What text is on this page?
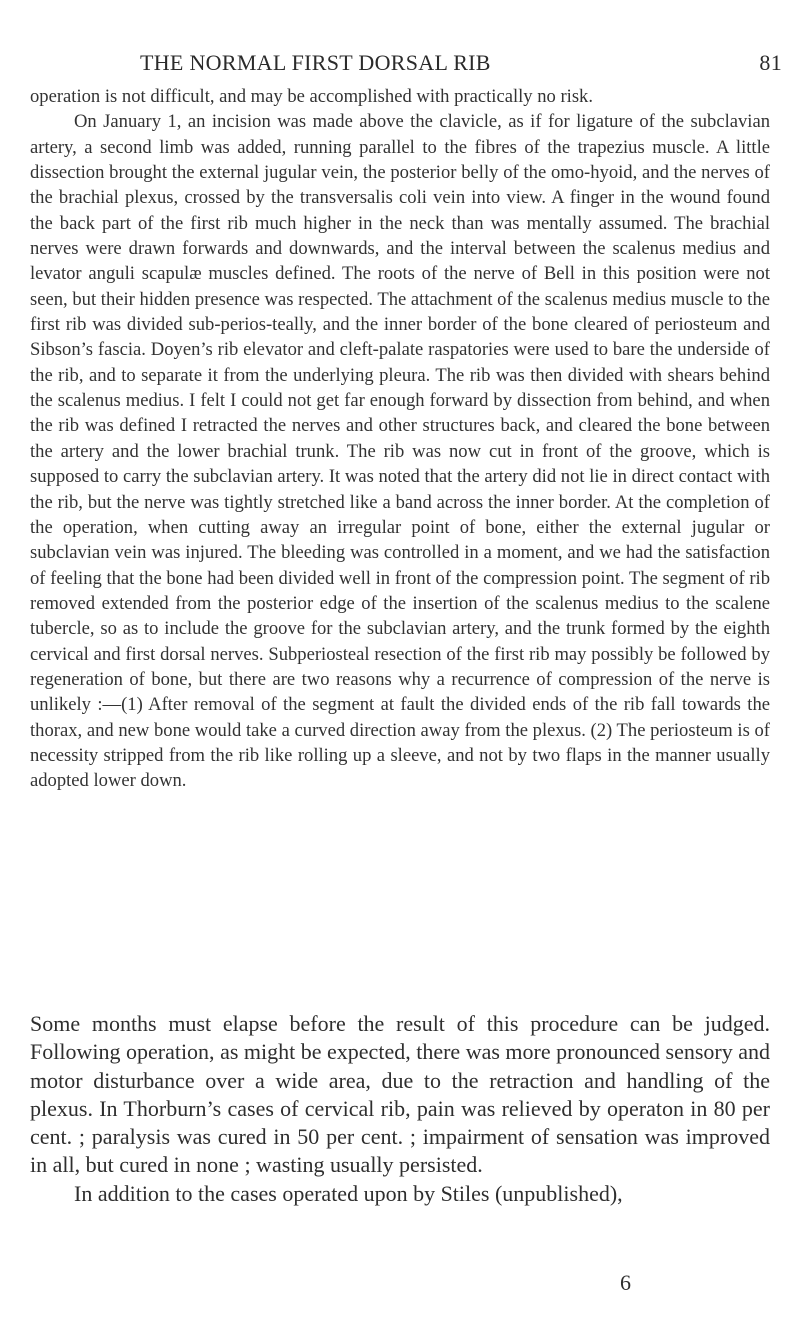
THE NORMAL FIRST DORSAL RIB	81

operation is not difficult, and may be accomplished with practically no risk.

On January 1, an incision was made above the clavicle, as if for ligature of the subclavian artery, a second limb was added, running parallel to the fibres of the trapezius muscle. A little dissection brought the external jugular vein, the posterior belly of the omo-hyoid, and the nerves of the brachial plexus, crossed by the transversalis coli vein into view. A finger in the wound found the back part of the first rib much higher in the neck than was mentally assumed. The brachial nerves were drawn forwards and downwards, and the interval between the scalenus medius and levator anguli scapulæ muscles defined. The roots of the nerve of Bell in this position were not seen, but their hidden presence was respected. The attachment of the scalenus medius muscle to the first rib was divided sub-perios-teally, and the inner border of the bone cleared of periosteum and Sibson’s fascia. Doyen’s rib elevator and cleft-palate raspatories were used to bare the underside of the rib, and to separate it from the underlying pleura. The rib was then divided with shears behind the scalenus medius. I felt I could not get far enough forward by dissection from behind, and when the rib was defined I retracted the nerves and other structures back, and cleared the bone between the artery and the lower brachial trunk. The rib was now cut in front of the groove, which is supposed to carry the subclavian artery. It was noted that the artery did not lie in direct contact with the rib, but the nerve was tightly stretched like a band across the inner border. At the completion of the operation, when cutting away an irregular point of bone, either the external jugular or subclavian vein was injured. The bleeding was controlled in a moment, and we had the satisfaction of feeling that the bone had been divided well in front of the compression point. The segment of rib removed extended from the posterior edge of the insertion of the scalenus medius to the scalene tubercle, so as to include the groove for the subclavian artery, and the trunk formed by the eighth cervical and first dorsal nerves. Subperiosteal resection of the first rib may possibly be followed by regeneration of bone, but there are two reasons why a recurrence of compression of the nerve is unlikely :—(1) After removal of the segment at fault the divided ends of the rib fall towards the thorax, and new bone would take a curved direction away from the plexus. (2) The periosteum is of necessity stripped from the rib like rolling up a sleeve, and not by two flaps in the manner usually adopted lower down.

Some months must elapse before the result of this procedure can be judged. Following operation, as might be expected, there was more pronounced sensory and motor disturbance over a wide area, due to the retraction and handling of the plexus. In Thorburn’s cases of cervical rib, pain was relieved by operaton in 80 per cent. ; paralysis was cured in 50 per cent. ; impairment of sensation was improved in all, but cured in none ; wasting usually persisted.

In addition to the cases operated upon by Stiles (unpublished),

6
